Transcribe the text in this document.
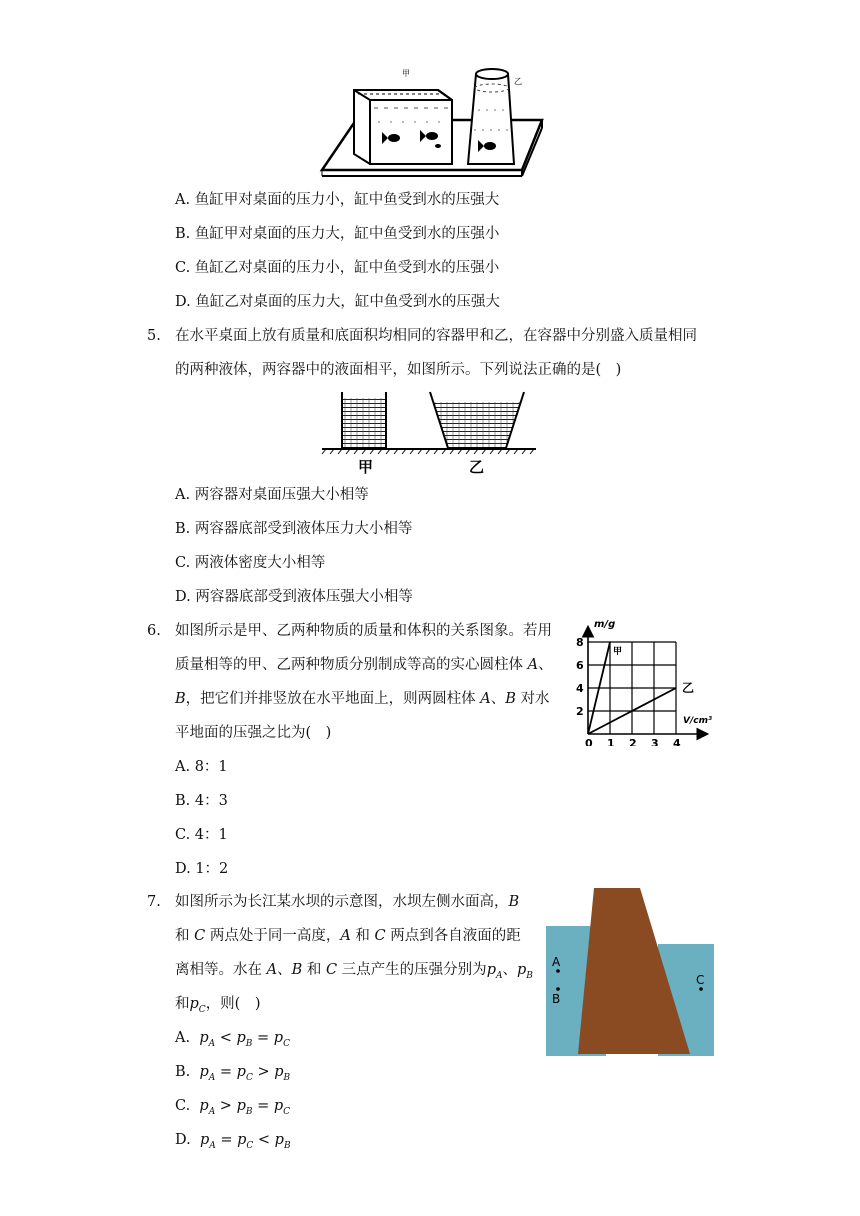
甲
乙
A. 鱼缸甲对桌面的压力小，缸中鱼受到水的压强大
B. 鱼缸甲对桌面的压力大，缸中鱼受到水的压强小
C. 鱼缸乙对桌面的压力小，缸中鱼受到水的压强小
D. 鱼缸乙对桌面的压力大，缸中鱼受到水的压强大
5. 在水平桌面上放有质量和底面积均相同的容器甲和乙，在容器中分别盛入质量相同
的两种液体，两容器中的液面相平，如图所示。下列说法正确的是(　)
甲	乙
A. 两容器对桌面压强大小相等
B. 两容器底部受到液体压力大小相等
C. 两液体密度大小相等
D. 两容器底部受到液体压强大小相等
6. 如图所示是甲、乙两种物质的质量和体积的关系图象。若用
质量相等的甲、乙两种物质分别制成等高的实心圆柱体 A、
B，把它们并排竖放在水平地面上，则两圆柱体 A、B 对水
平地面的压强之比为(　)
甲
乙
0 1 2 3 4
2
4
6
8
m/g
V/cm³
A. 8：1
B. 4：3
C. 4：1
D. 1：2
7. 如图所示为长江某水坝的示意图，水坝左侧水面高，B
和 C 两点处于同一高度，A 和 C 两点到各自液面的距
离相等。水在 A、B 和 C 三点产生的压强分别为$p_A$、$p_B$
和$p_C$，则(　)
A.  $p_A < p_B = p_C$
B.  $p_A = p_C > p_B$
C.  $p_A > p_B = p_C$
D.  $p_A = p_C < p_B$
A
B
C
